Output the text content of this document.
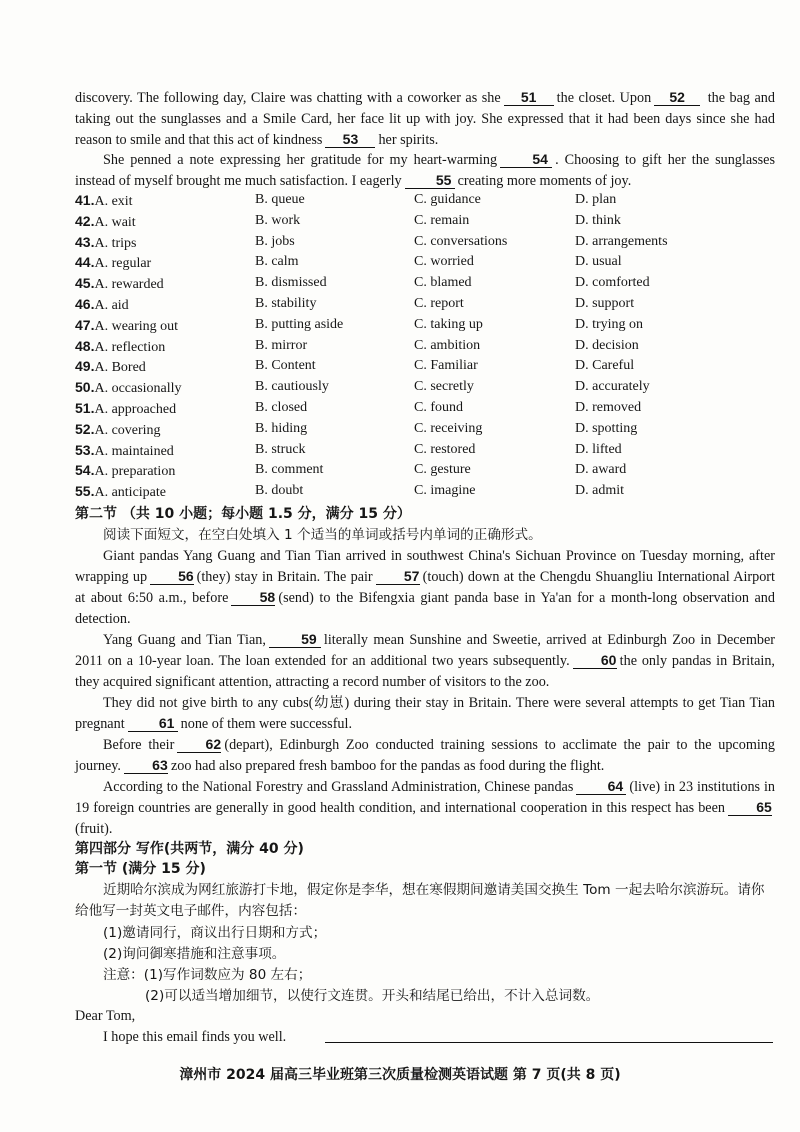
discovery. The following day, Claire was chatting with a coworker as she 51 the closet. Upon 52 the bag and taking out the sunglasses and a Smile Card, her face lit up with joy. She expressed that it had been days since she had reason to smile and that this act of kindness 53 her spirits.

She penned a note expressing her gratitude for my heart-warming	54 . Choosing to gift her the sunglasses instead of myself brought me much satisfaction. I eagerly 55 creating more moments of joy.

41.A. exit	B. queue	C. guidance	D. plan
42.A. wait	B. work	C. remain	D. think
43.A. trips	B. jobs	C. conversations	D. arrangements
44.A. regular	B. calm	C. worried	D. usual
45.A. rewarded	B. dismissed	C. blamed	D. comforted
46.A. aid	B. stability	C. report	D. support
47.A. wearing out	B. putting aside	C. taking up	D. trying on
48.A. reflection	B. mirror	C. ambition	D. decision
49.A. Bored	B. Content	C. Familiar	D. Careful
50.A. occasionally	B. cautiously	C. secretly	D. accurately
51.A. approached	B. closed	C. found	D. removed
52.A. covering	B. hiding	C. receiving	D. spotting
53.A. maintained	B. struck	C. restored	D. lifted
54.A. preparation	B. comment	C. gesture	D. award
55.A. anticipate	B. doubt	C. imagine	D. admit
第二节 （共 10 小题；每小题 1.5 分，满分 15 分）
阅读下面短文，在空白处填入 1 个适当的单词或括号内单词的正确形式。

Giant pandas Yang Guang and Tian Tian arrived in southwest China's Sichuan Province on Tuesday morning, after wrapping up 56 (they) stay in Britain. The pair 57 (touch) down at the Chengdu Shuangliu International Airport at about 6:50 a.m., before 58 (send) to the Bifengxia giant panda base in Ya'an for a month-long observation and detection.

Yang Guang and Tian Tian,	59 literally mean Sunshine and Sweetie, arrived at Edinburgh Zoo in December 2011 on a 10-year loan. The loan extended for an additional two years subsequently. 60 the only pandas in Britain, they acquired significant attention, attracting a record number of visitors to the zoo.

They did not give birth to any cubs(幼崽) during their stay in Britain. There were several attempts to get Tian Tian pregnant 61 none of them were successful.

Before their 62 (depart), Edinburgh Zoo conducted training sessions to acclimate the pair to the upcoming journey. 63 zoo had also prepared fresh bamboo for the pandas as food during the flight.

According to the National Forestry and Grassland Administration, Chinese pandas 64 (live) in 23 institutions in 19 foreign countries are generally in good health condition, and international cooperation in this respect has been 65(fruit).

第四部分 写作(共两节，满分 40 分)
第一节 (满分 15 分)
近期哈尔滨成为网红旅游打卡地，假定你是李华，想在寒假期间邀请美国交换生 Tom 一起去哈尔滨游玩。请你给他写一封英文电子邮件，内容包括：
(1)邀请同行，商议出行日期和方式；
(2)询问御寒措施和注意事项。
注意：(1)写作词数应为 80 左右；
(2)可以适当增加细节，以使行文连贯。开头和结尾已给出，不计入总词数。
Dear Tom,
I hope this email finds you well.
漳州市 2024 届高三毕业班第三次质量检测英语试题 第 7 页(共 8 页)
